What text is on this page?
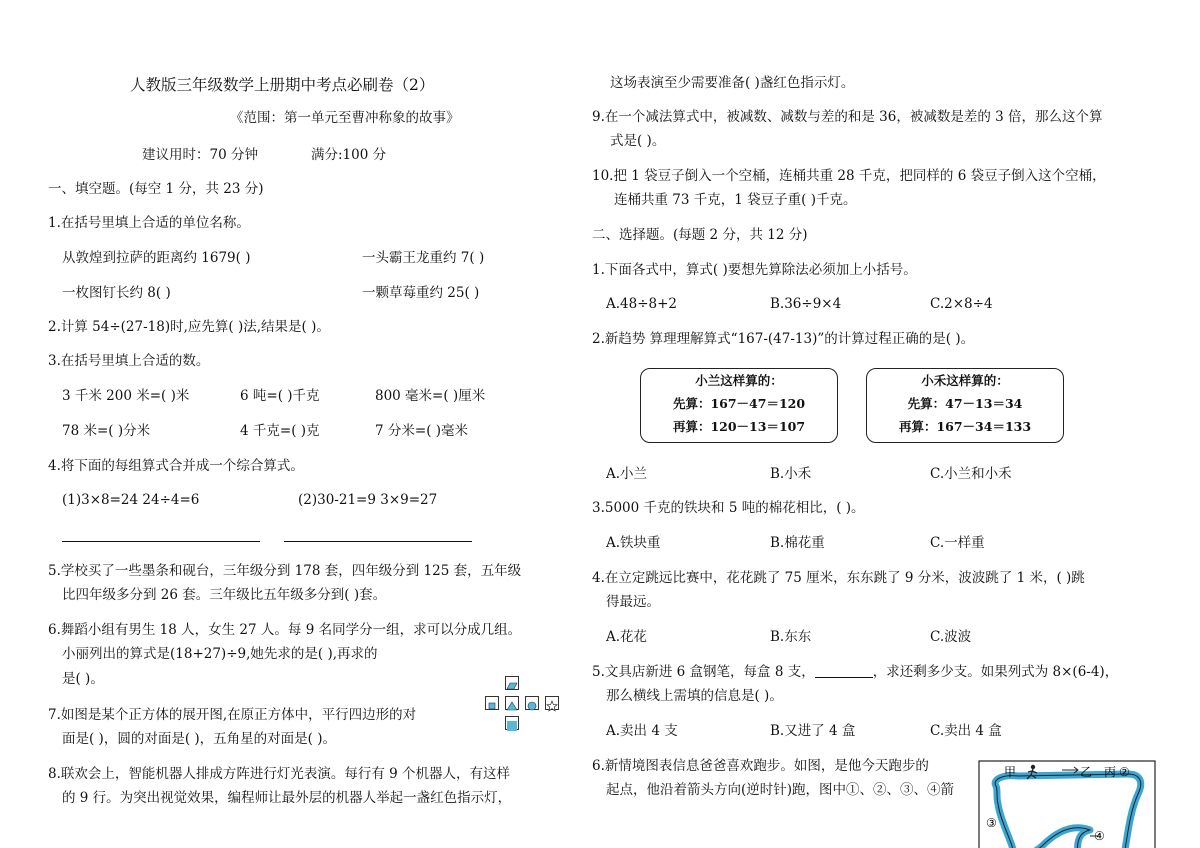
人教版三年级数学上册期中考点必刷卷（2）
《范围：第一单元至曹冲称象的故事》
建议用时：70 分钟	满分:100 分
一、填空题。(每空 1 分，共 23 分)
1.在括号里填上合适的单位名称。
从敦煌到拉萨的距离约 1679( )	一头霸王龙重约 7( )
一枚图钉长约 8( )	一颗草莓重约 25( )
2.计算 54÷(27-18)时,应先算( )法,结果是( )。
3.在括号里填上合适的数。
3 千米 200 米=( )米	6 吨=( )千克	800 毫米=( )厘米
78 米=( )分米	4 千克=( )克	7 分米=( )毫米
4.将下面的每组算式合并成一个综合算式。
(1)3×8=24 24÷4=6	(2)30-21=9 3×9=27
5.学校买了一些墨条和砚台，三年级分到 178 套，四年级分到 125 套，五年级
比四年级多分到 26 套。三年级比五年级多分到( )套。
6.舞蹈小组有男生 18 人，女生 27 人。每 9 名同学分一组，求可以分成几组。
小丽列出的算式是(18+27)÷9,她先求的是( ),再求的
是( )。
7.如图是某个正方体的展开图,在原正方体中，平行四边形的对
面是( )，圆的对面是( )，五角星的对面是( )。
8.联欢会上，智能机器人排成方阵进行灯光表演。每行有 9 个机器人，有这样
的 9 行。为突出视觉效果，编程师让最外层的机器人举起一盏红色指示灯，
这场表演至少需要准备( )盏红色指示灯。
9.在一个减法算式中，被减数、减数与差的和是 36，被减数是差的 3 倍，那么这个算
式是( )。
10.把 1 袋豆子倒入一个空桶，连桶共重 28 千克，把同样的 6 袋豆子倒入这个空桶，
连桶共重 73 千克，1 袋豆子重( )千克。
二、选择题。(每题 2 分，共 12 分)
1.下面各式中，算式( )要想先算除法必须加上小括号。
A.48÷8+2	B.36÷9×4	C.2×8÷4
2.新趋势 算理理解算式“167-(47-13)”的计算过程正确的是( )。
小兰这样算的：
先算：167－47＝120
再算：120－13＝107
小禾这样算的：
先算：47－13＝34
再算：167－34＝133
A.小兰	B.小禾	C.小兰和小禾
3.5000 千克的铁块和 5 吨的棉花相比，( )。
A.铁块重	B.棉花重	C.一样重
4.在立定跳远比赛中，花花跳了 75 厘米，东东跳了 9 分米，波波跳了 1 米，( )跳
得最远。
A.花花	B.东东	C.波波
5.文具店新进 6 盒钢笔，每盒 8 支，	，求还剩多少支。如果列式为 8×(6-4)，
那么横线上需填的信息是( )。
A.卖出 4 支	B.又进了 4 盒	C.卖出 4 盒
6.新情境图表信息爸爸喜欢跑步。如图，是他今天跑步的
起点，他沿着箭头方向(逆时针)跑，图中①、②、③、④箭
甲	乙 丙 ②
③
④
